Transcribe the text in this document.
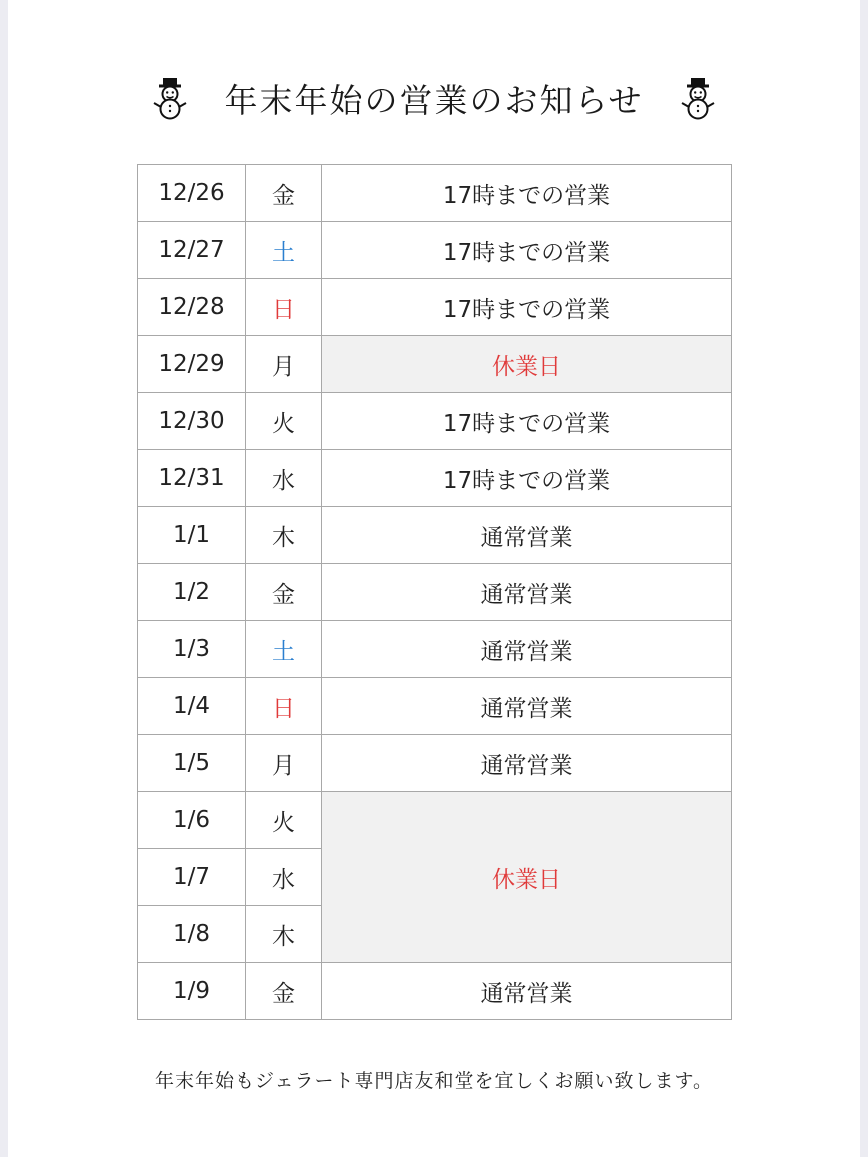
年末年始の営業のお知らせ
12/26	金	17時までの営業
12/27	土	17時までの営業
12/28	日	17時までの営業
12/29	月	休業日
12/30	火	17時までの営業
12/31	水	17時までの営業
1/1	木	通常営業
1/2	金	通常営業
1/3	土	通常営業
1/4	日	通常営業
1/5	月	通常営業
1/6	火	休業日
1/7	水	
1/8	木	
1/9	金	通常営業
年末年始もジェラート専門店友和堂を宜しくお願い致します。
